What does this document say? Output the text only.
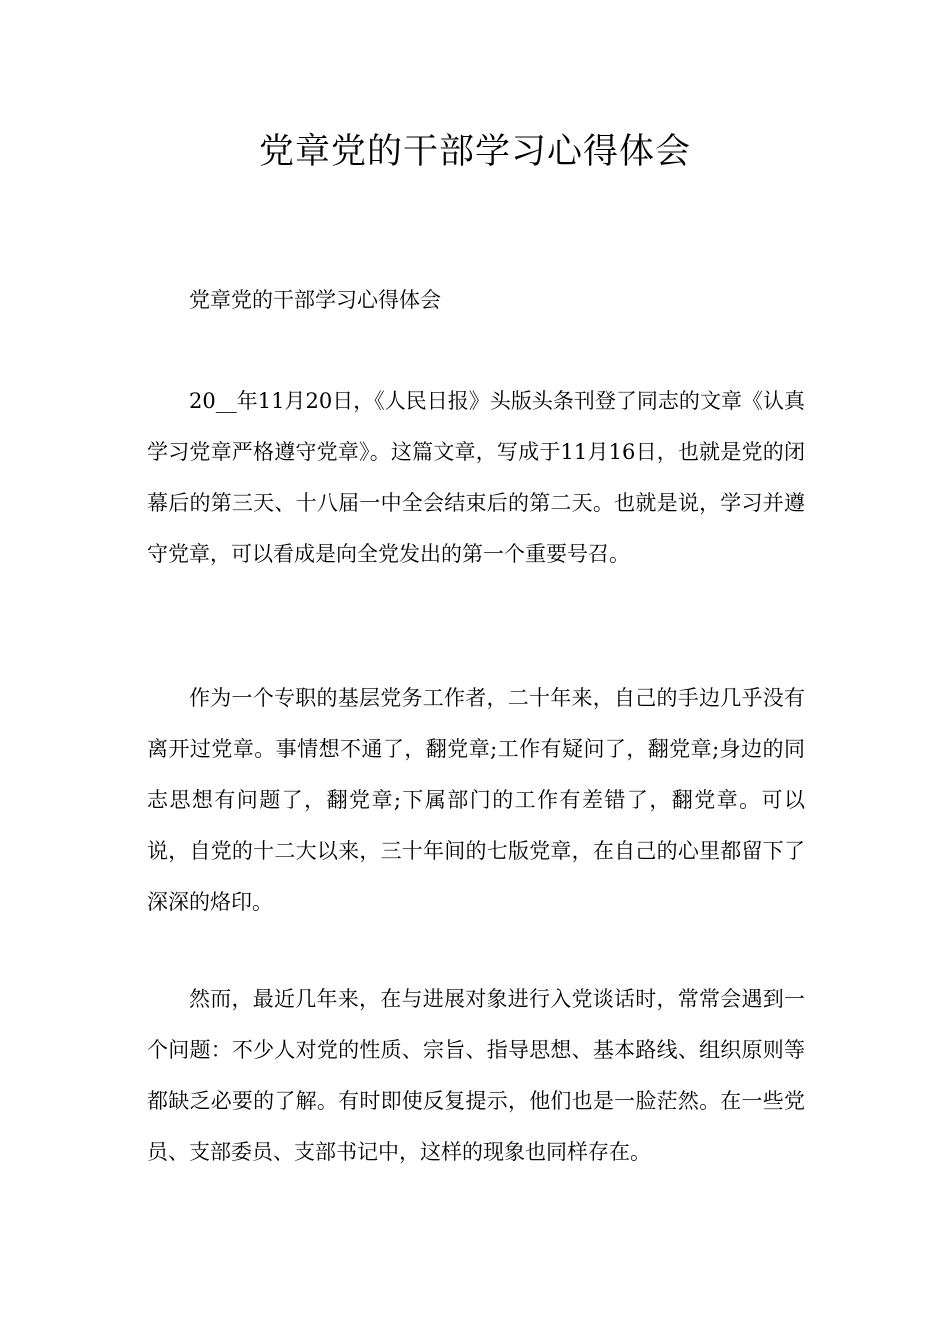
党章党的干部学习心得体会

党章党的干部学习心得体会

20__年11月20日，《人民日报》头版头条刊登了同志的文章《认真学习党章严格遵守党章》。这篇文章，写成于11月16日，也就是党的闭幕后的第三天、十八届一中全会结束后的第二天。也就是说，学习并遵守党章，可以看成是向全党发出的第一个重要号召。

作为一个专职的基层党务工作者，二十年来，自己的手边几乎没有离开过党章。事情想不通了，翻党章;工作有疑问了，翻党章;身边的同志思想有问题了，翻党章;下属部门的工作有差错了，翻党章。可以说，自党的十二大以来，三十年间的七版党章，在自己的心里都留下了深深的烙印。

然而，最近几年来，在与进展对象进行入党谈话时，常常会遇到一个问题：不少人对党的性质、宗旨、指导思想、基本路线、组织原则等都缺乏必要的了解。有时即使反复提示，他们也是一脸茫然。在一些党员、支部委员、支部书记中，这样的现象也同样存在。
